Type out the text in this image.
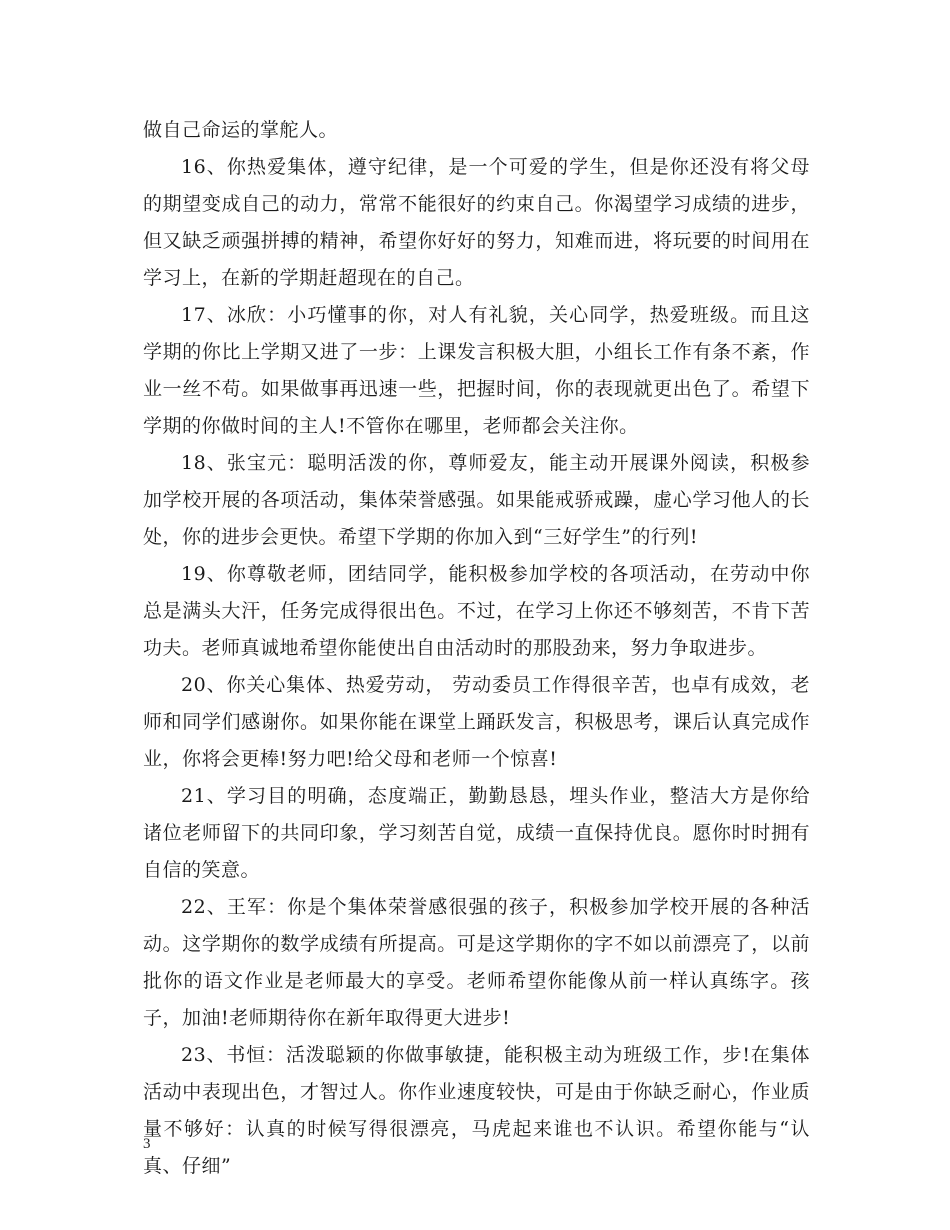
做自己命运的掌舵人。

16、你热爱集体，遵守纪律，是一个可爱的学生，但是你还没有将父母的期望变成自己的动力，常常不能很好的约束自己。你渴望学习成绩的进步，但又缺乏顽强拼搏的精神，希望你好好的努力，知难而进，将玩要的时间用在学习上，在新的学期赶超现在的自己。

17、冰欣：小巧懂事的你，对人有礼貌，关心同学，热爱班级。而且这学期的你比上学期又进了一步：上课发言积极大胆，小组长工作有条不紊，作业一丝不苟。如果做事再迅速一些，把握时间，你的表现就更出色了。希望下学期的你做时间的主人!不管你在哪里，老师都会关注你。

18、张宝元：聪明活泼的你，尊师爱友，能主动开展课外阅读，积极参加学校开展的各项活动，集体荣誉感强。如果能戒骄戒躁，虚心学习他人的长处，你的进步会更快。希望下学期的你加入到“三好学生”的行列!

19、你尊敬老师，团结同学，能积极参加学校的各项活动，在劳动中你总是满头大汗，任务完成得很出色。不过，在学习上你还不够刻苦，不肯下苦功夫。老师真诚地希望你能使出自由活动时的那股劲来，努力争取进步。

20、你关心集体、热爱劳动， 劳动委员工作得很辛苦，也卓有成效，老师和同学们感谢你。如果你能在课堂上踊跃发言，积极思考，课后认真完成作业，你将会更棒!努力吧!给父母和老师一个惊喜!

21、学习目的明确，态度端正，勤勤恳恳，埋头作业，整洁大方是你给诸位老师留下的共同印象，学习刻苦自觉，成绩一直保持优良。愿你时时拥有自信的笑意。

22、王军：你是个集体荣誉感很强的孩子，积极参加学校开展的各种活动。这学期你的数学成绩有所提高。可是这学期你的字不如以前漂亮了，以前批你的语文作业是老师最大的享受。老师希望你能像从前一样认真练字。孩子，加油!老师期待你在新年取得更大进步!

23、书恒：活泼聪颖的你做事敏捷，能积极主动为班级工作，步!在集体活动中表现出色，才智过人。你作业速度较快，可是由于你缺乏耐心，作业质量不够好：认真的时候写得很漂亮，马虎起来谁也不认识。希望你能与“认真、仔细”

3
